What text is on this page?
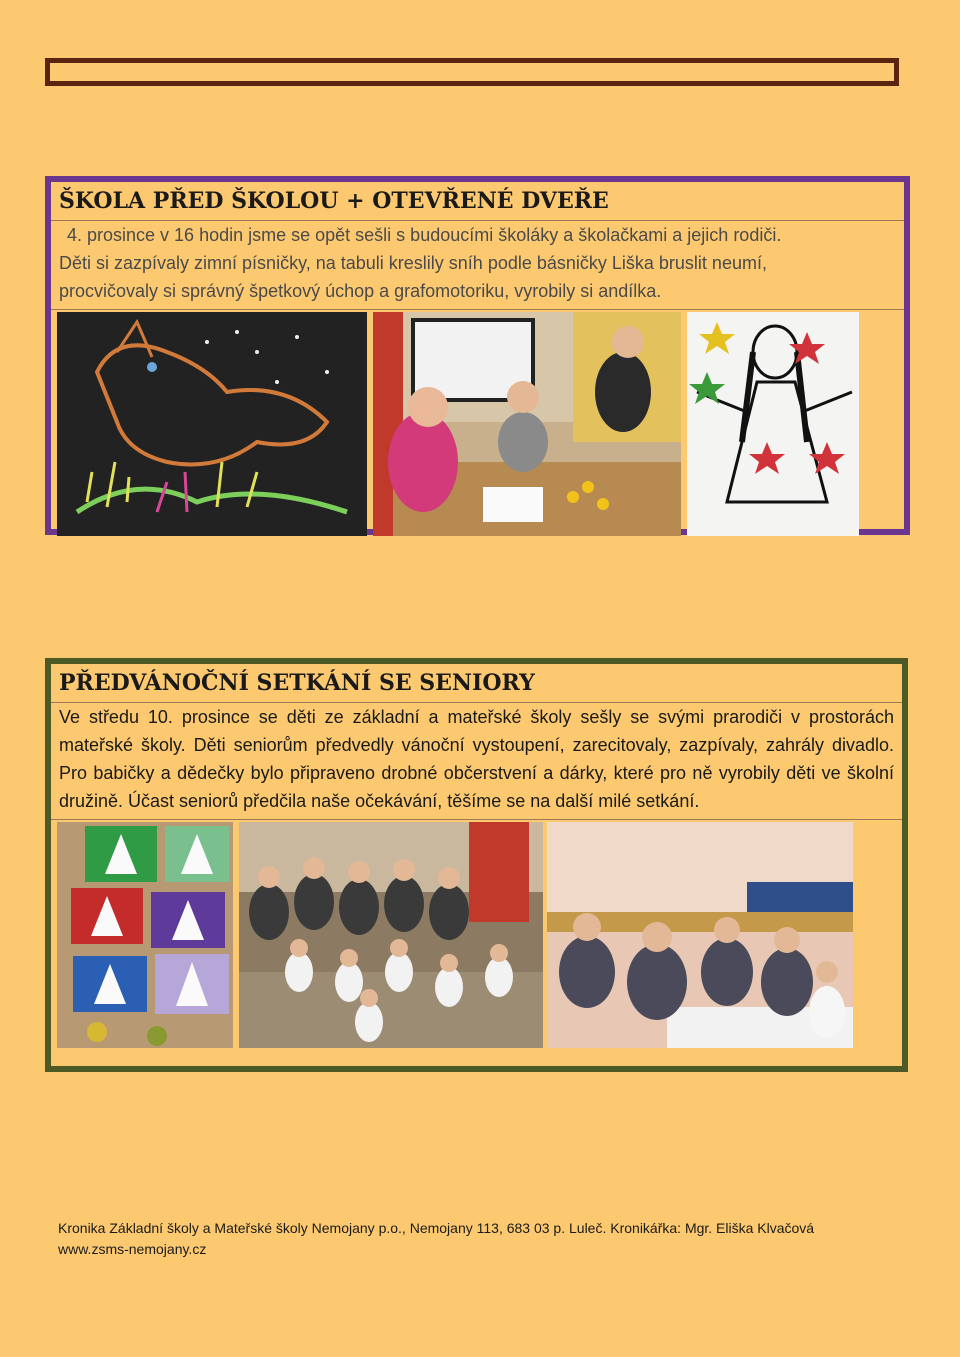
ŠKOLA PŘED ŠKOLOU + OTEVŘENÉ DVEŘE
4. prosince v 16 hodin jsme se opět sešli s budoucími školáky a školačkami a jejich rodiči.
Děti si zazpívaly zimní písničky, na tabuli kreslily sníh podle básničky Liška bruslit neumí,
procvičovaly si správný špetkový úchop a grafomotoriku, vyrobily si andílka.
PŘEDVÁNOČNÍ SETKÁNÍ SE SENIORY
Ve středu 10. prosince se děti ze základní a mateřské školy sešly se svými prarodiči v prostorách mateřské školy. Děti seniorům předvedly vánoční vystoupení, zarecitovaly, zazpívaly, zahrály divadlo. Pro babičky a dědečky bylo připraveno drobné občerstvení a dárky, které pro ně vyrobily děti ve školní družině. Účast seniorů předčila naše očekávání, těšíme se na další milé setkání.
Kronika Základní školy a Mateřské školy Nemojany p.o., Nemojany 113, 683 03 p. Luleč. Kronikářka: Mgr. Eliška Klvačová
www.zsms-nemojany.cz
